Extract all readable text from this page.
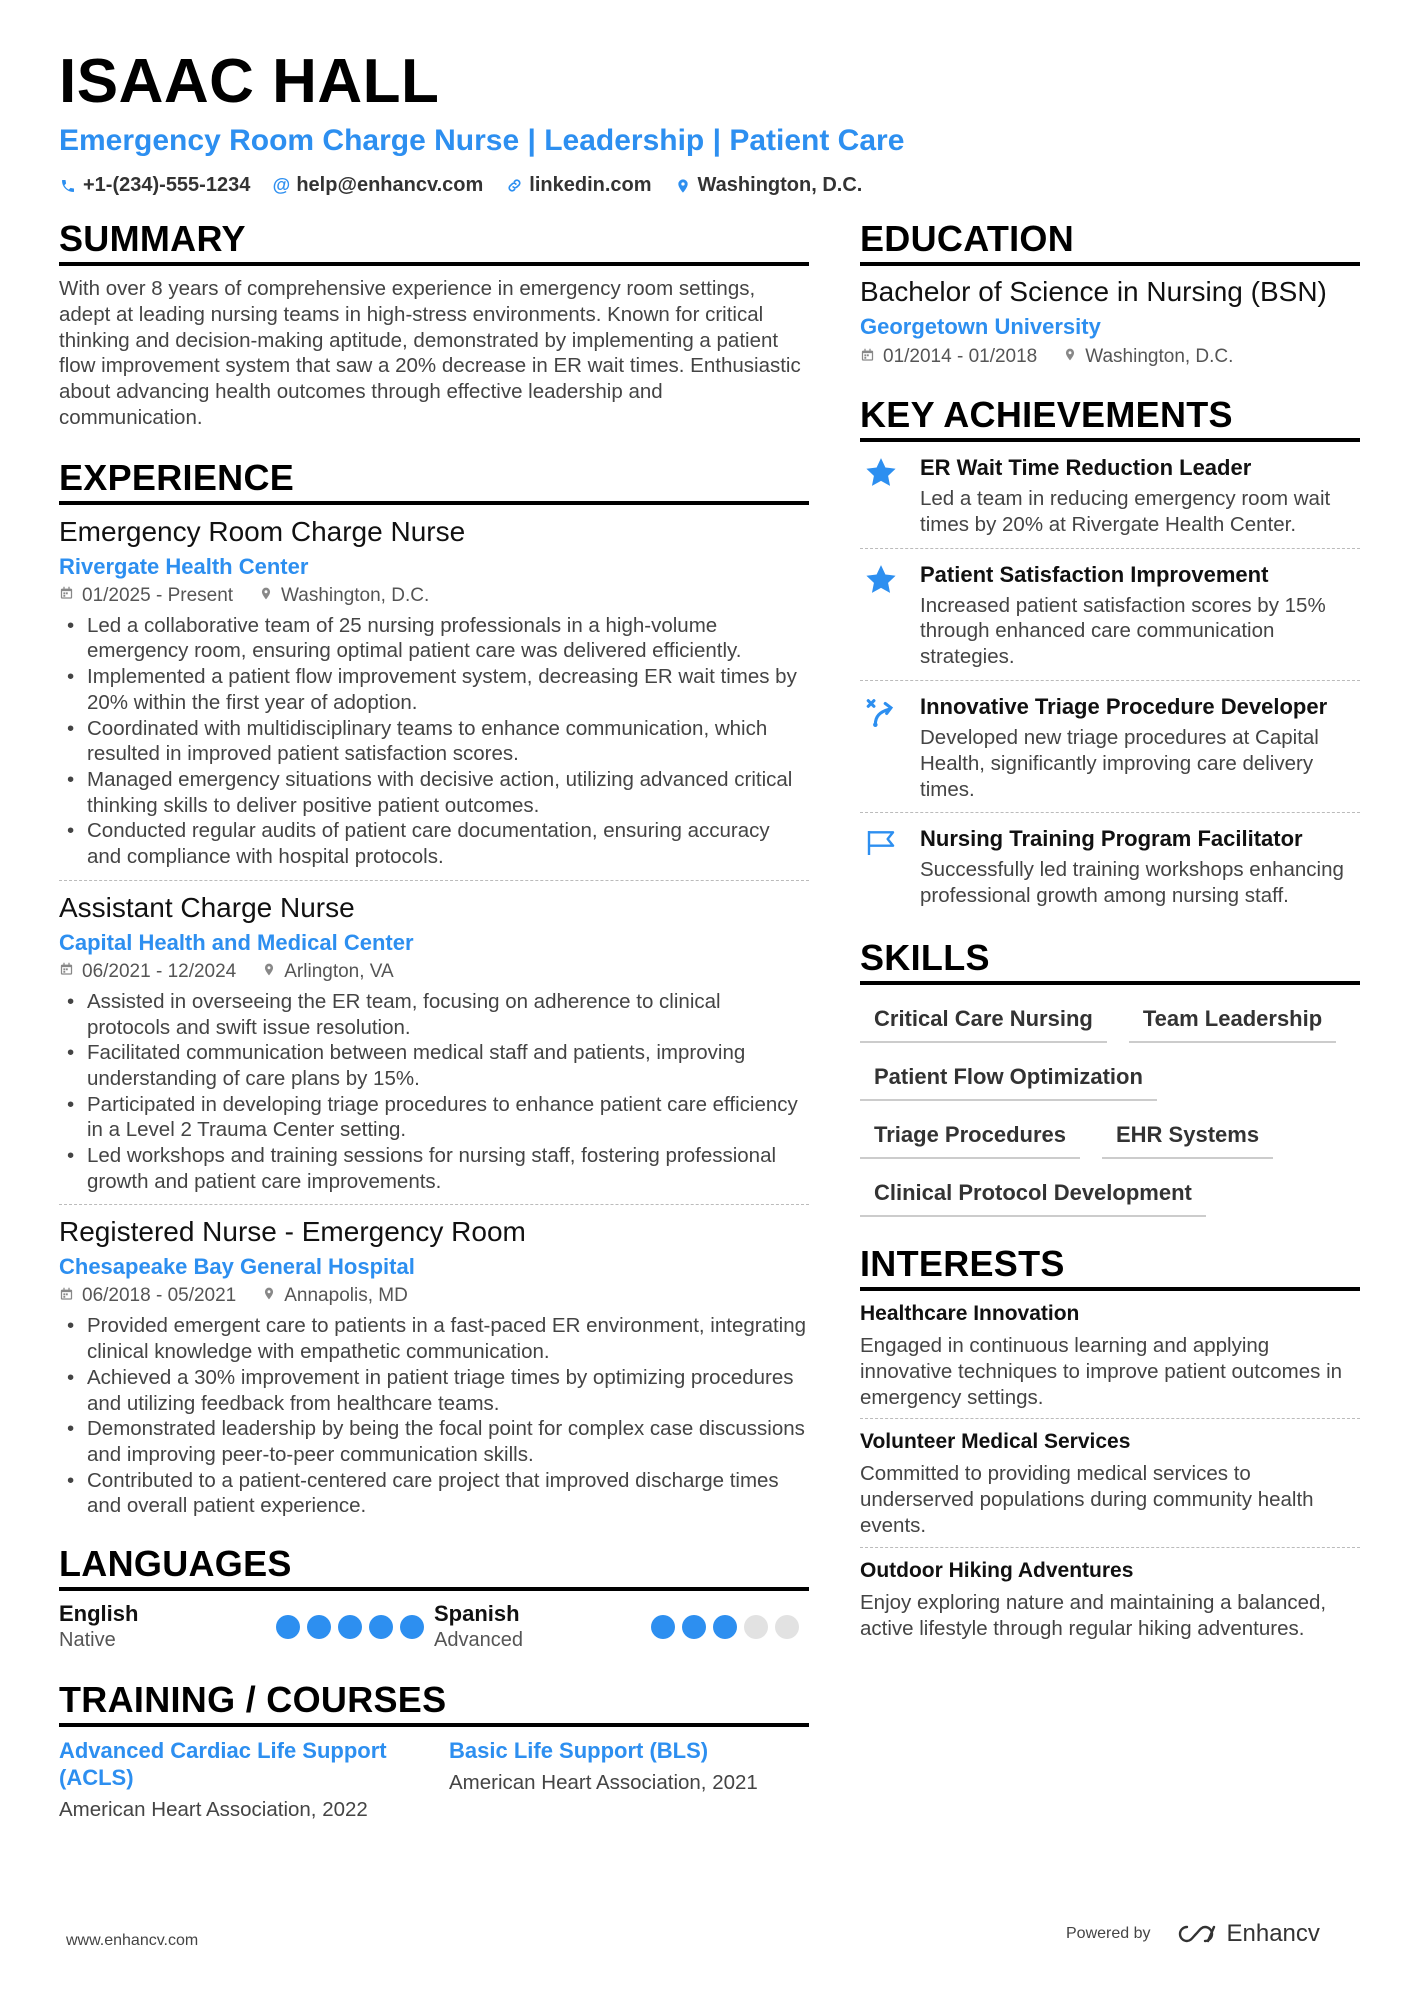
ISAAC HALL
Emergency Room Charge Nurse | Leadership | Patient Care
+1-(234)-555-1234 @ help@enhancv.com linkedin.com Washington, D.C.
SUMMARY
With over 8 years of comprehensive experience in emergency room settings, adept at leading nursing teams in high-stress environments. Known for critical thinking and decision-making aptitude, demonstrated by implementing a patient flow improvement system that saw a 20% decrease in ER wait times. Enthusiastic about advancing health outcomes through effective leadership and communication.
EXPERIENCE
Emergency Room Charge Nurse
Rivergate Health Center
01/2025 - Present	Washington, D.C.
• Led a collaborative team of 25 nursing professionals in a high-volume emergency room, ensuring optimal patient care was delivered efficiently.
• Implemented a patient flow improvement system, decreasing ER wait times by 20% within the first year of adoption.
• Coordinated with multidisciplinary teams to enhance communication, which resulted in improved patient satisfaction scores.
• Managed emergency situations with decisive action, utilizing advanced critical thinking skills to deliver positive patient outcomes.
• Conducted regular audits of patient care documentation, ensuring accuracy and compliance with hospital protocols.
Assistant Charge Nurse
Capital Health and Medical Center
06/2021 - 12/2024	Arlington, VA
• Assisted in overseeing the ER team, focusing on adherence to clinical protocols and swift issue resolution.
• Facilitated communication between medical staff and patients, improving understanding of care plans by 15%.
• Participated in developing triage procedures to enhance patient care efficiency in a Level 2 Trauma Center setting.
• Led workshops and training sessions for nursing staff, fostering professional growth and patient care improvements.
Registered Nurse - Emergency Room
Chesapeake Bay General Hospital
06/2018 - 05/2021	Annapolis, MD
• Provided emergent care to patients in a fast-paced ER environment, integrating clinical knowledge with empathetic communication.
• Achieved a 30% improvement in patient triage times by optimizing procedures and utilizing feedback from healthcare teams.
• Demonstrated leadership by being the focal point for complex case discussions and improving peer-to-peer communication skills.
• Contributed to a patient-centered care project that improved discharge times and overall patient experience.
LANGUAGES
English
Native
Spanish
Advanced
TRAINING / COURSES
Advanced Cardiac Life Support (ACLS)
American Heart Association, 2022
Basic Life Support (BLS)
American Heart Association, 2021
EDUCATION
Bachelor of Science in Nursing (BSN)
Georgetown University
01/2014 - 01/2018	Washington, D.C.
KEY ACHIEVEMENTS
ER Wait Time Reduction Leader
Led a team in reducing emergency room wait times by 20% at Rivergate Health Center.
Patient Satisfaction Improvement
Increased patient satisfaction scores by 15% through enhanced care communication strategies.
Innovative Triage Procedure Developer
Developed new triage procedures at Capital Health, significantly improving care delivery times.
Nursing Training Program Facilitator
Successfully led training workshops enhancing professional growth among nursing staff.
SKILLS
Critical Care Nursing	Team Leadership
Patient Flow Optimization
Triage Procedures	EHR Systems
Clinical Protocol Development
INTERESTS
Healthcare Innovation
Engaged in continuous learning and applying innovative techniques to improve patient outcomes in emergency settings.
Volunteer Medical Services
Committed to providing medical services to underserved populations during community health events.
Outdoor Hiking Adventures
Enjoy exploring nature and maintaining a balanced, active lifestyle through regular hiking adventures.
www.enhancv.com	Powered by	Enhancv
